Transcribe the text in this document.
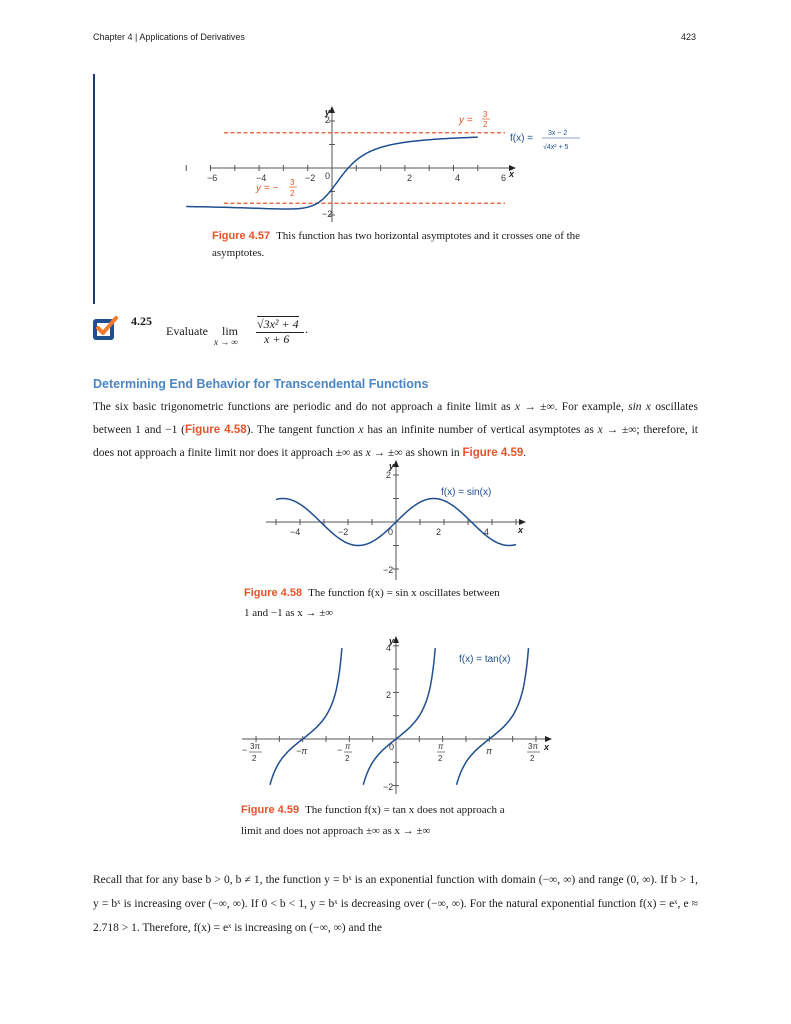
Chapter 4 | Applications of Derivatives	423
y
x
2
−2
−6	−4	−2 0	2	4	6
y =
3
2
y = −
3
2
f(x) = 3x − 2
√4x² + 5
Figure 4.57 This function has two horizontal asymptotes and it crosses one of the asymptotes.
4.25
Evaluate lim
x → ∞
√3x² + 4
x + 6
.
Determining End Behavior for Transcendental Functions
The six basic trigonometric functions are periodic and do not approach a finite limit as x → ±∞. For example, sin x oscillates between 1 and −1 (Figure 4.58). The tangent function x has an infinite number of vertical asymptotes as x → ±∞; therefore, it does not approach a finite limit nor does it approach ±∞ as x → ±∞ as shown in Figure 4.59.
y
x
2
−2
−4	−2	0	2	4
f(x) = sin(x)
y
x
4
2
−2
f(x) = tan(x)
− 3π
2
−π	− π
2
0	π
2
π	3π
2
Figure 4.58 The function f(x) = sin x oscillates between
1 and −1 as x → ±∞
Figure 4.59 The function f(x) = tan x does not approach a
limit and does not approach ±∞ as x → ±∞
Recall that for any base b > 0, b ≠ 1, the function y = bˣ is an exponential function with domain (−∞, ∞) and range (0, ∞). If b > 1, y = bˣ is increasing over (−∞, ∞). If 0 < b < 1, y = bˣ is decreasing over (−∞, ∞). For the natural exponential function f(x) = eˣ, e ≈ 2.718 > 1. Therefore, f(x) = eˣ is increasing on (−∞, ∞) and the
